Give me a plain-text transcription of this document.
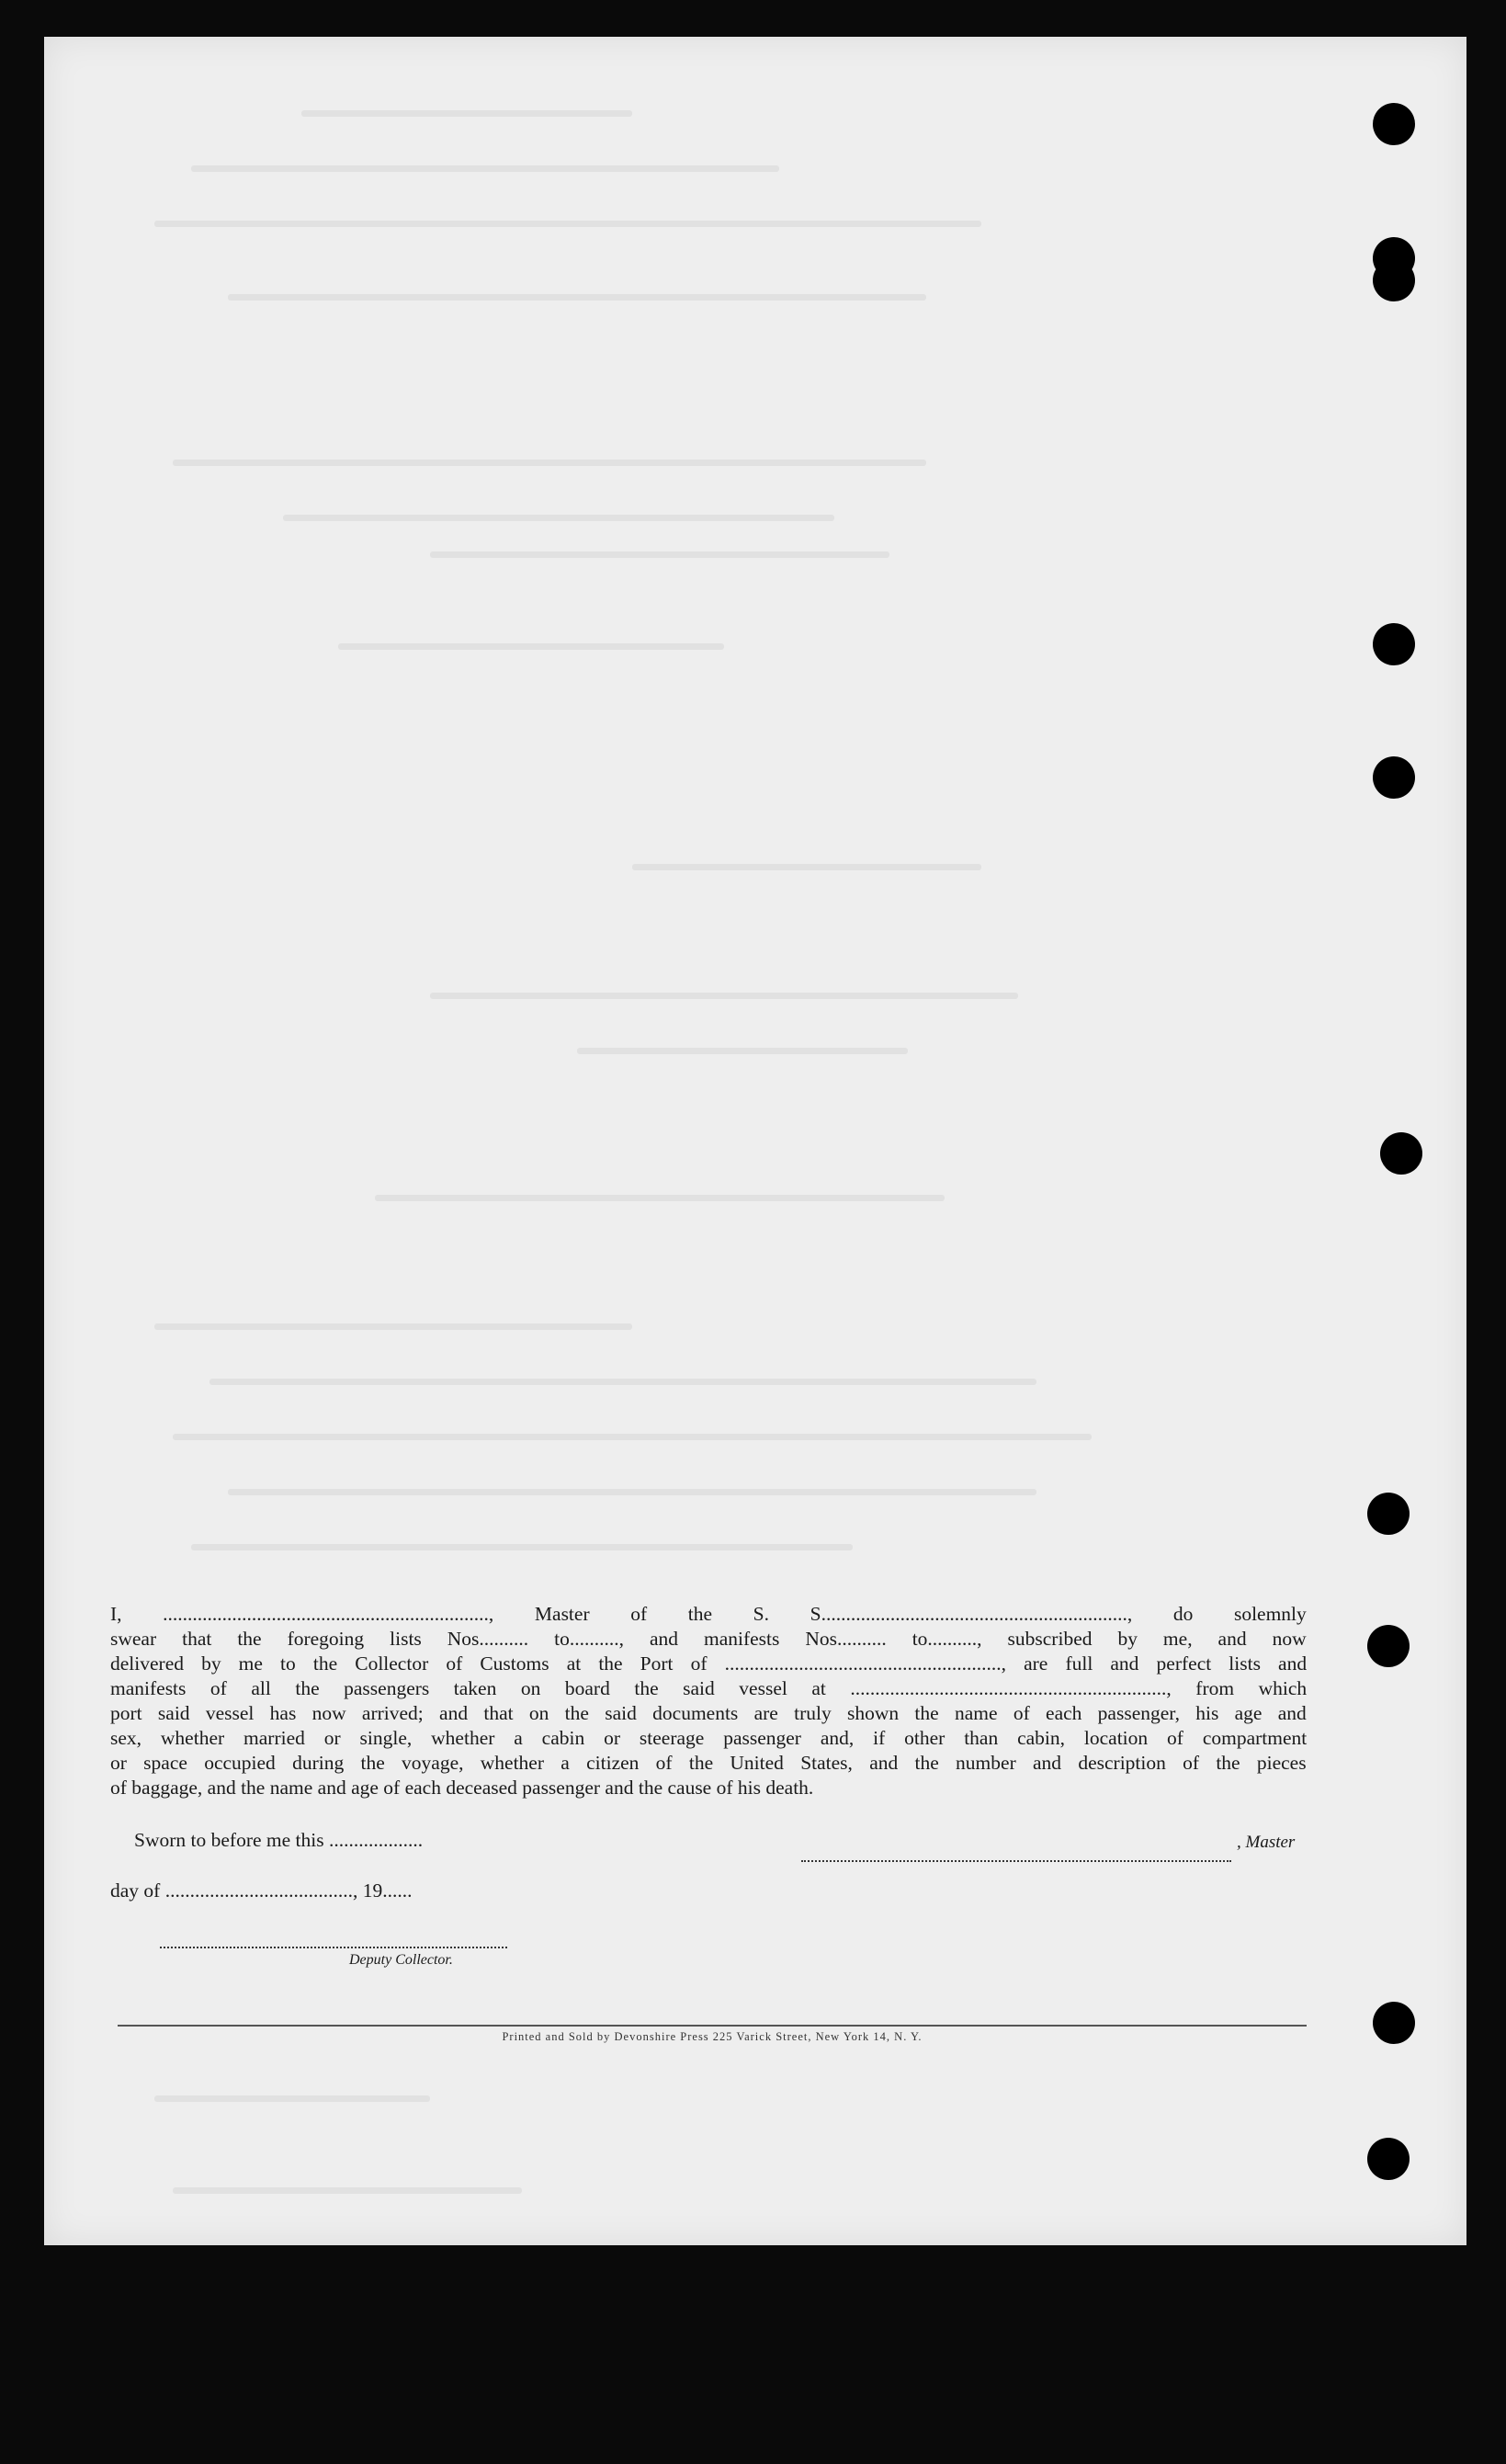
I, .................................................................., Master of the S. S.............................................................., do solemnly
swear that the foregoing lists Nos.......... to.........., and manifests Nos.......... to.........., subscribed by me, and now
delivered by me to the Collector of Customs at the Port of ........................................................, are full and perfect lists and
manifests of all the passengers taken on board the said vessel at ................................................................, from which
port said vessel has now arrived; and that on the said documents are truly shown the name of each passenger, his age and
sex, whether married or single, whether a cabin or steerage passenger and, if other than cabin, location of compartment
or space occupied during the voyage, whether a citizen of the United States, and the number and description of the pieces
of baggage, and the name and age of each deceased passenger and the cause of his death.
Sworn to before me this ...................	, Master
day of ......................................, 19......
Deputy Collector.
Printed and Sold by Devonshire Press 225 Varick Street, New York 14, N. Y.
